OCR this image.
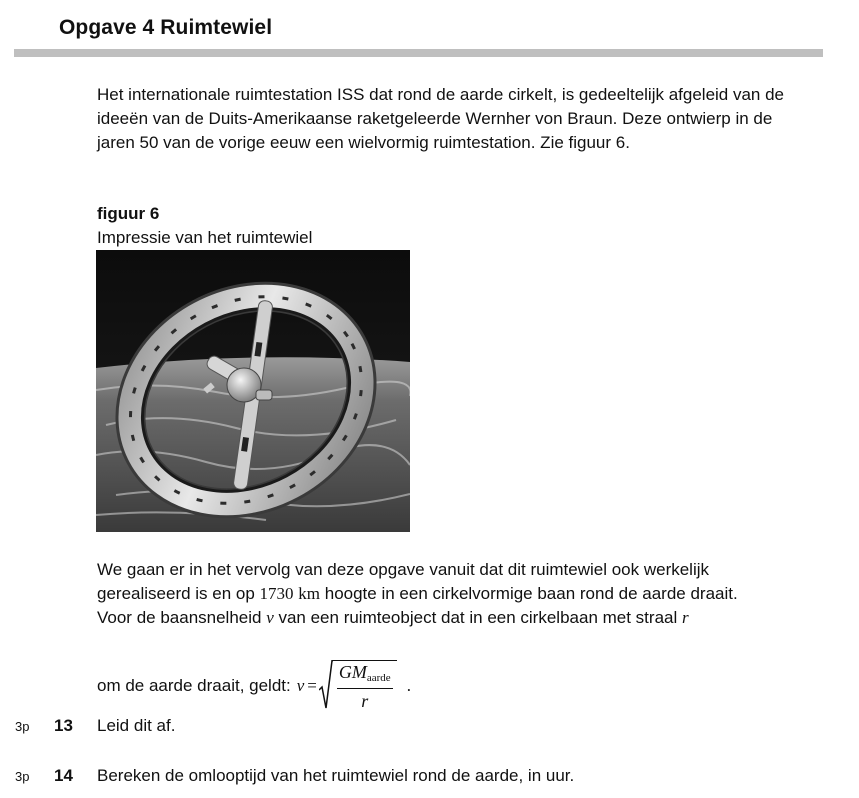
Opgave 4 Ruimtewiel
Het internationale ruimtestation ISS dat rond de aarde cirkelt, is gedeeltelijk afgeleid van de ideeën van de Duits-Amerikaanse raketgeleerde Wernher von Braun. Deze ontwierp in de jaren 50 van de vorige eeuw een wielvormig ruimtestation. Zie figuur 6.
figuur 6
Impressie van het ruimtewiel
We gaan er in het vervolg van deze opgave vanuit dat dit ruimtewiel ook werkelijk gerealiseerd is en op 1730 km hoogte in een cirkelvormige baan rond de aarde draait.
Voor de baansnelheid v van een ruimteobject dat in een cirkelbaan met straal r
om de aarde draait, geldt: $v = \frac{GM_{aarde}}{r}$ .
3p 13 Leid dit af.
3p 14 Bereken de omlooptijd van het ruimtewiel rond de aarde, in uur.
